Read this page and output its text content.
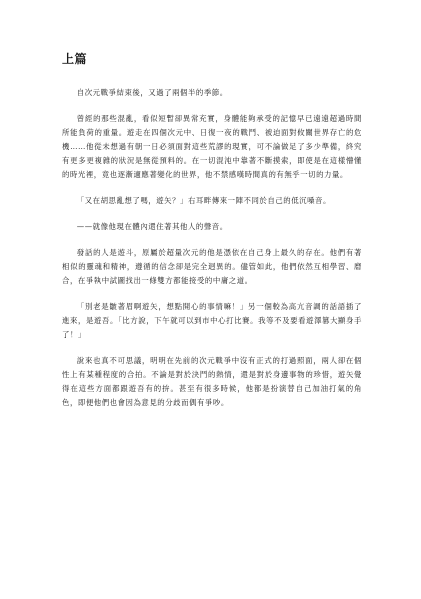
上篇

自次元戰爭結束後，又過了兩個半的季節。

曾經的那些混亂，看似短暫卻異常充實，身體能夠承受的記憶早已遠遠超過時間所能負荷的重量。遊走在四個次元中、日復一夜的戰鬥、被迫面對攸關世界存亡的危機……他從未想過有朝一日必須面對這些荒謬的現實，可不論做足了多少準備，終究有更多更複雜的狀況是無從預料的。在一切混沌中靠著不斷摸索，即使是在這樣懵懂的時光裡，竟也逐漸適應著變化的世界，他不禁感嘆時間真的有無乎一切的力量。

「又在胡思亂想了嗎，遊矢？」右耳畔傳來一陣不同於自己的低沉嗓音。

——就像他現在體內還住著其他人的聲音。

發話的人是遊斗，原屬於超量次元的他是憑依在自己身上最久的存在。他們有著相似的靈魂和精神，遵循的信念卻是完全迥異的。儘管如此，他們依然互相學習、磨合，在爭執中試圖找出一條雙方都能接受的中庸之道。

「別老是皺著眉啊遊矢，想點開心的事情嘛！」另一個較為高亢音調的話語插了進來，是遊吾。「比方說，下午就可以到市中心打比賽。我等不及要看遊澤篡大顯身手了！」

說來也真不可思議，明明在先前的次元戰爭中沒有正式的打過照面，兩人卻在個性上有某種程度的合拍。不論是對於決鬥的熱情，還是對於身邊事物的珍惜，遊矢覺得在這些方面都跟遊吾有的拚。甚至有很多時候，他都是扮演替自己加油打氣的角色，即便他們也會因為意見的分歧而偶有爭吵。
